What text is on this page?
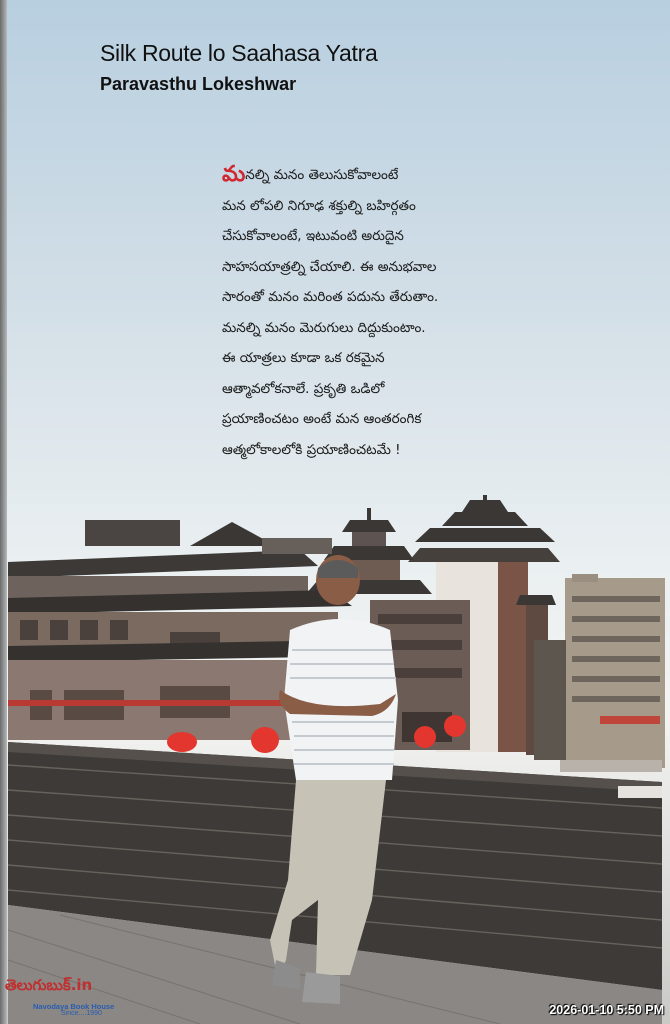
Silk Route lo Saahasa Yatra
Paravasthu Lokeshwar
మనల్ని మనం తెలుసుకోవాలంటే
మన లోపలి నిగూఢ శక్తుల్ని బహిర్గతం
చేసుకోవాలంటే, ఇటువంటి అరుదైన
సాహసయాత్రల్ని చేయాలి. ఈ అనుభవాల
సారంతో మనం మరింత పదును తేరుతాం.
మనల్ని మనం మెరుగులు దిద్దుకుంటాం.
ఈ యాత్రలు కూడా ఒక రకమైన
ఆత్మావలోకనాలే. ప్రకృతి ఒడిలో
ప్రయాణించటం అంటే మన ఆంతరంగిక
ఆత్మలోకాలలోకి ప్రయాణించటమే !
తెలుగుబుక్.in
Navodaya Book House
Since....1990	2026-01-10 5:50 PM
